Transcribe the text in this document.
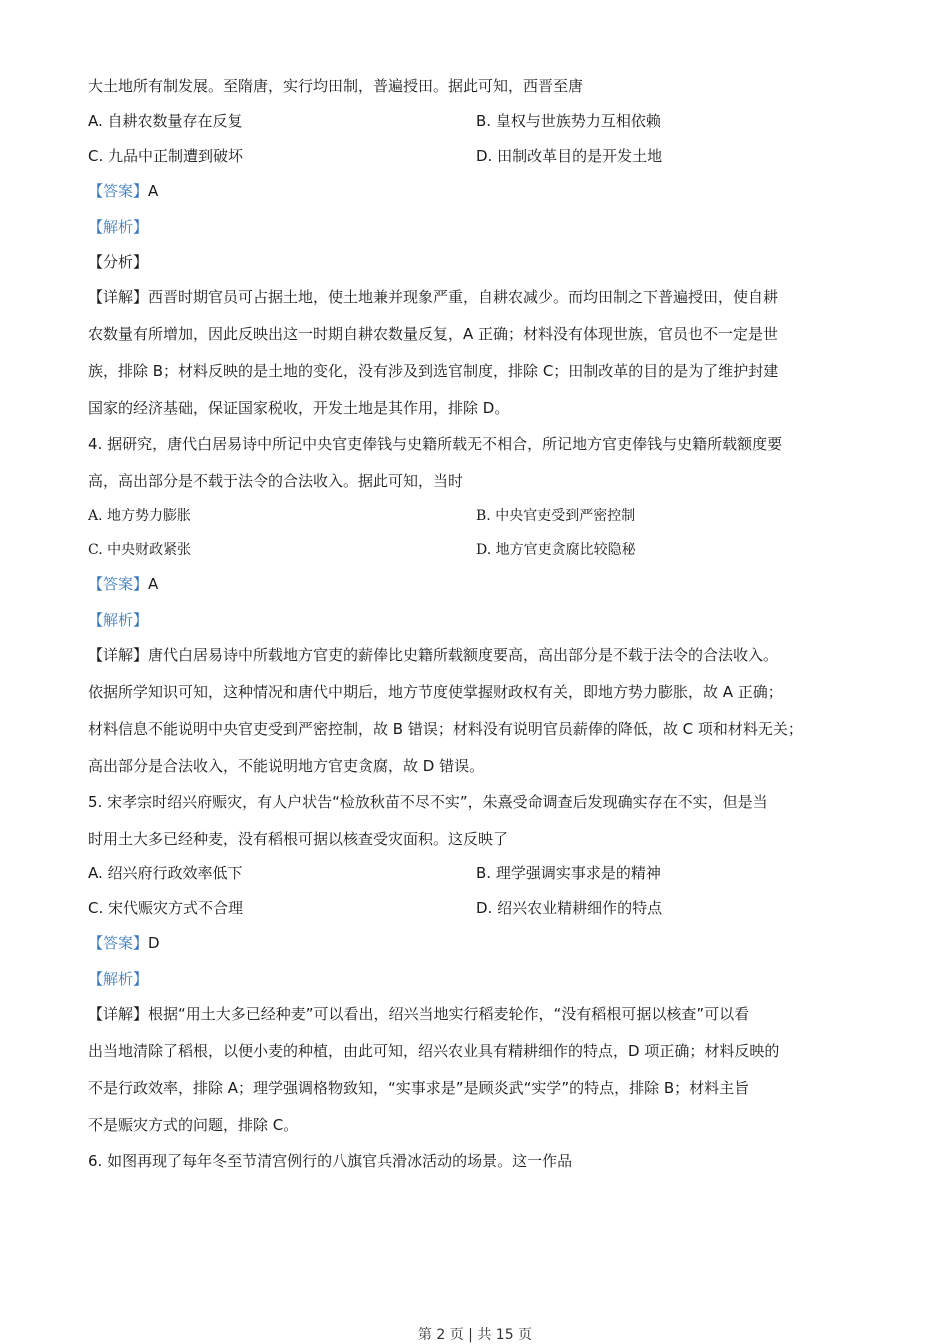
大土地所有制发展。至隋唐，实行均田制，普遍授田。据此可知，西晋至唐
A. 自耕农数量存在反复	B. 皇权与世族势力互相依赖
C. 九品中正制遭到破坏	D. 田制改革目的是开发土地
【答案】A
【解析】
【分析】
【详解】西晋时期官员可占据土地，使土地兼并现象严重，自耕农减少。而均田制之下普遍授田，使自耕
农数量有所增加，因此反映出这一时期自耕农数量反复，A 正确；材料没有体现世族，官员也不一定是世
族，排除 B；材料反映的是土地的变化，没有涉及到选官制度，排除 C；田制改革的目的是为了维护封建
国家的经济基础，保证国家税收，开发土地是其作用，排除 D。
4. 据研究，唐代白居易诗中所记中央官吏俸钱与史籍所载无不相合，所记地方官吏俸钱与史籍所载额度要
高，高出部分是不载于法令的合法收入。据此可知，当时
A. 地方势力膨胀	B. 中央官吏受到严密控制
C. 中央财政紧张	D. 地方官吏贪腐比较隐秘
【答案】A
【解析】
【详解】唐代白居易诗中所载地方官吏的薪俸比史籍所载额度要高，高出部分是不载于法令的合法收入。
依据所学知识可知，这种情况和唐代中期后，地方节度使掌握财政权有关，即地方势力膨胀，故 A 正确；
材料信息不能说明中央官吏受到严密控制，故 B 错误；材料没有说明官员薪俸的降低，故 C 项和材料无关；
高出部分是合法收入，不能说明地方官吏贪腐，故 D 错误。
5. 宋孝宗时绍兴府赈灾，有人户状告“检放秋苗不尽不实”，朱熹受命调查后发现确实存在不实，但是当
时用土大多已经种麦，没有稻根可据以核查受灾面积。这反映了
A. 绍兴府行政效率低下	B. 理学强调实事求是的精神
C. 宋代赈灾方式不合理	D. 绍兴农业精耕细作的特点
【答案】D
【解析】
【详解】根据“用土大多已经种麦”可以看出，绍兴当地实行稻麦轮作，“没有稻根可据以核查”可以看
出当地清除了稻根，以便小麦的种植，由此可知，绍兴农业具有精耕细作的特点，D 项正确；材料反映的
不是行政效率，排除 A；理学强调格物致知，“实事求是”是顾炎武“实学”的特点，排除 B；材料主旨
不是赈灾方式的问题，排除 C。
6. 如图再现了每年冬至节清宫例行的八旗官兵滑冰活动的场景。这一作品
第 2 页 | 共 15 页
